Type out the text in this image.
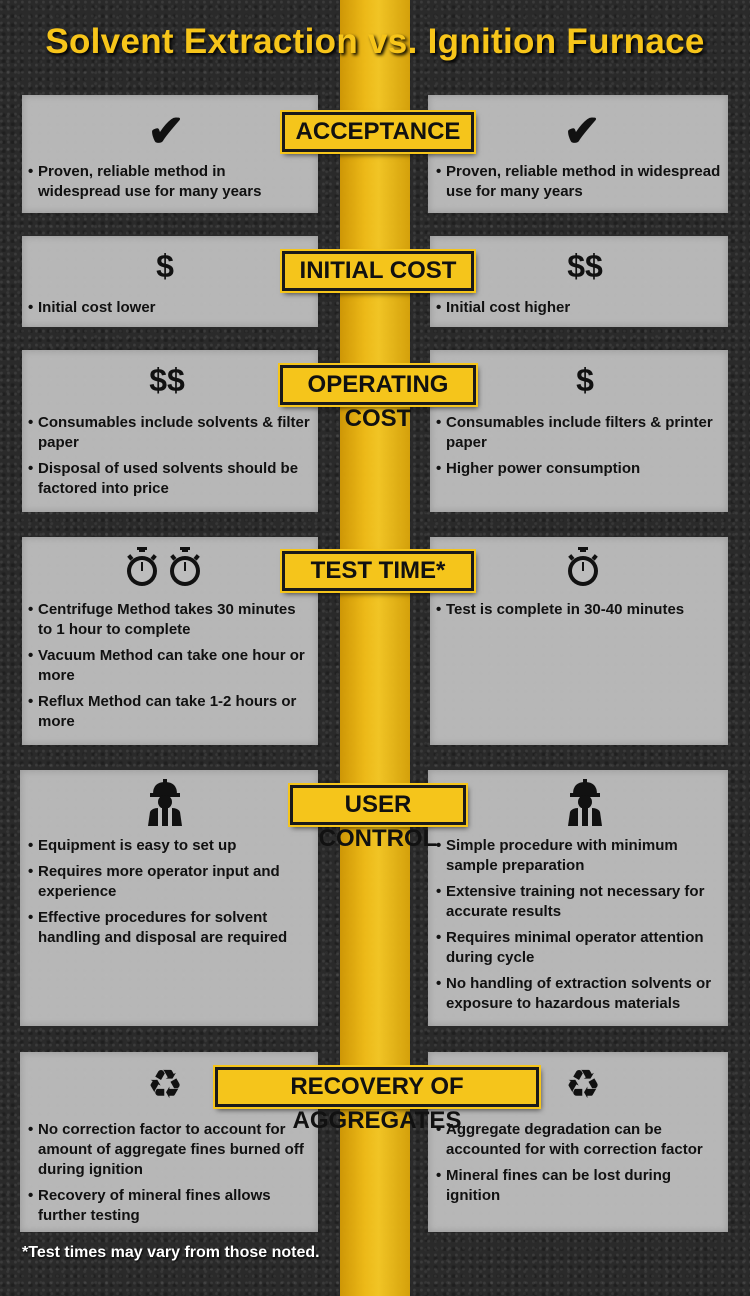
Solvent Extraction vs. Ignition Furnace
✔	✔
• Proven, reliable method in widespread use for many years
• Proven, reliable method in widespread use for many years
ACCEPTANCE
$	$$
• Initial cost lower
•	Initial cost higher
INITIAL COST
$$	$
• Consumables include solvents & filter paper
• Disposal of used solvents should be factored into price
• Consumables include filters & printer paper
• Higher power consumption
OPERATING COST
• Centrifuge Method takes 30 minutes to 1 hour to complete
• Vacuum Method can take one hour or more
• Reflux Method can take 1-2 hours or more
• Test is complete in 30-40 minutes
TEST TIME*
• Equipment is easy to set up
• Requires more operator input and experience
• Effective procedures for solvent handling and disposal are required
• Simple procedure with minimum sample preparation
• Extensive training not necessary for accurate results
• Requires minimal operator attention during cycle
• No handling of extraction solvents or exposure to hazardous materials
USER CONTROL
♻	♻
• No correction factor to account for amount of aggregate fines burned off during ignition
• Recovery of mineral fines allows further testing
• Aggregate degradation can be accounted for with correction factor
• Mineral fines can be lost during ignition
RECOVERY OF AGGREGATES
*Test times may vary from those noted.
